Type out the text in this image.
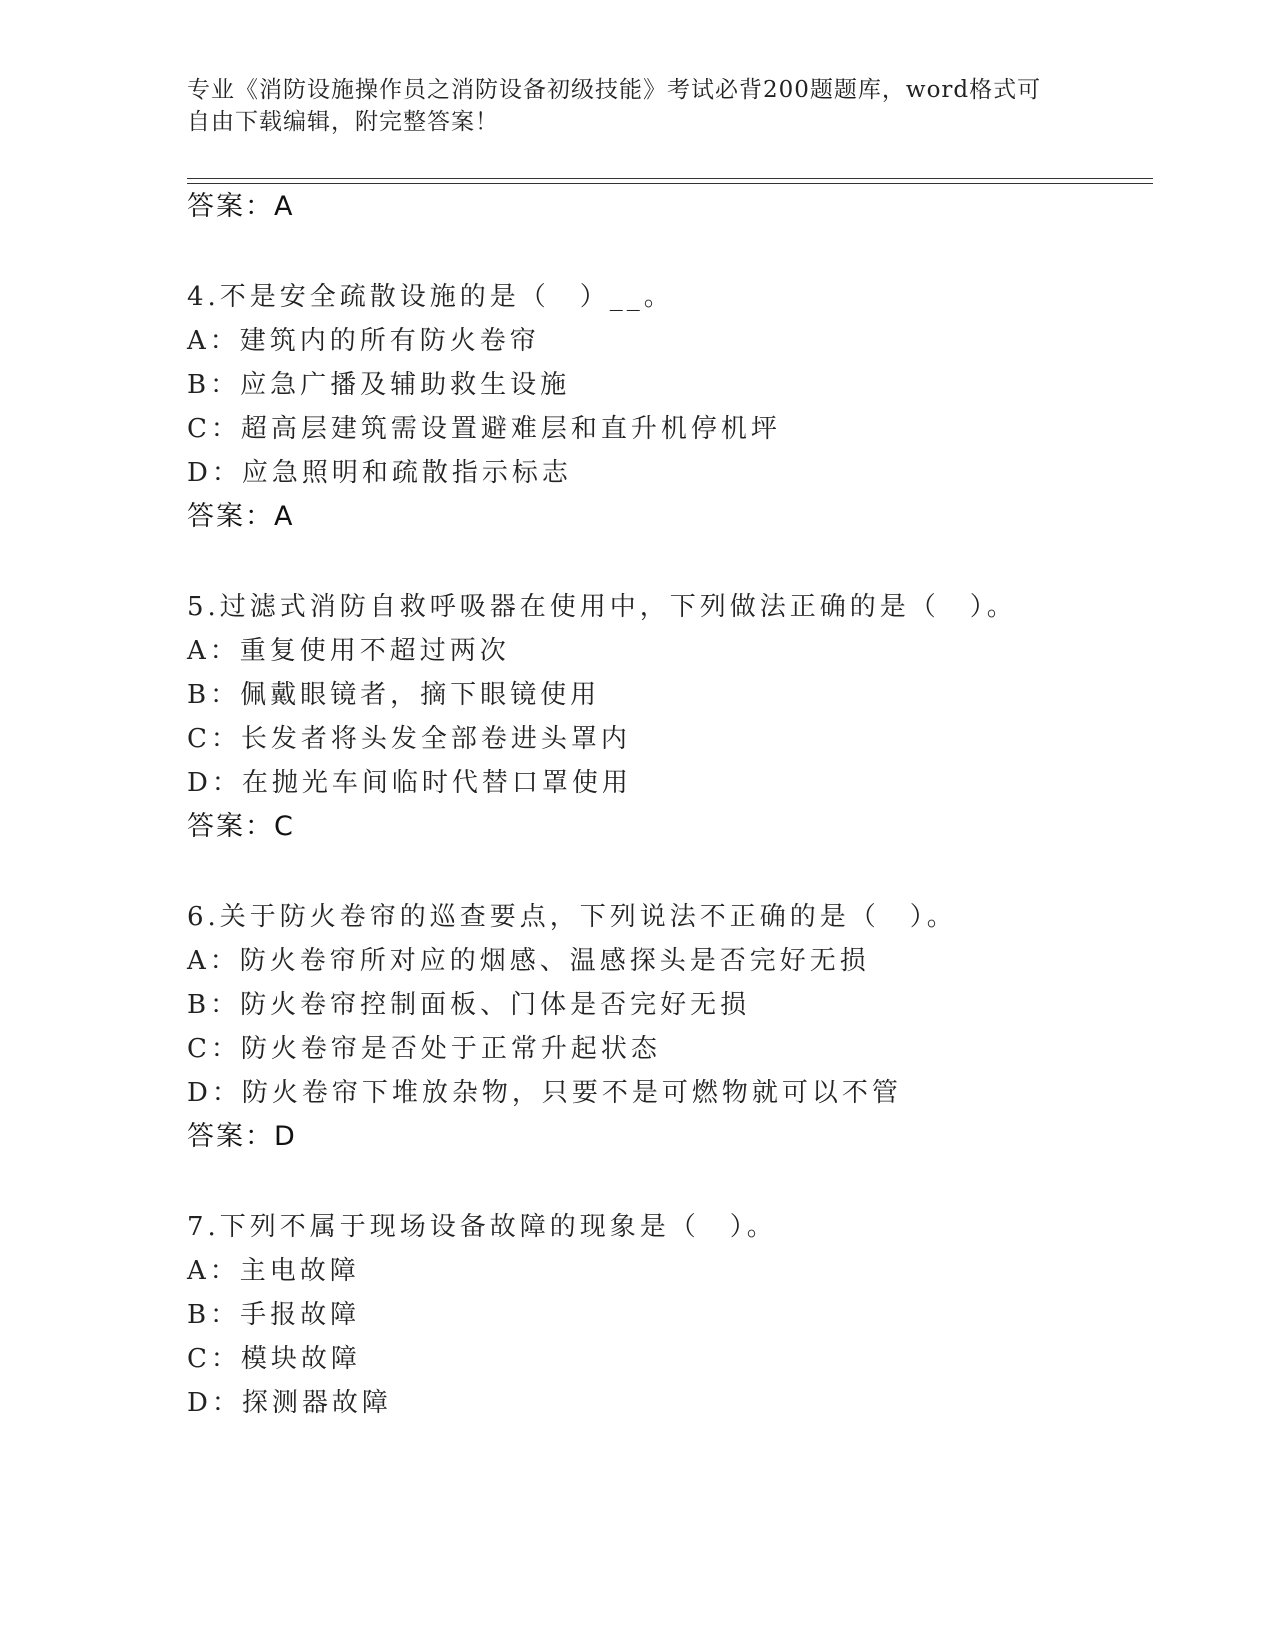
专业《消防设施操作员之消防设备初级技能》考试必背200题题库，word格式可
自由下载编辑，附完整答案！
答案：A
4.不是安全疏散设施的是（　）__。
A：建筑内的所有防火卷帘
B：应急广播及辅助救生设施
C：超高层建筑需设置避难层和直升机停机坪
D：应急照明和疏散指示标志
答案：A
5.过滤式消防自救呼吸器在使用中，下列做法正确的是（　）。
A：重复使用不超过两次
B：佩戴眼镜者，摘下眼镜使用
C：长发者将头发全部卷进头罩内
D：在抛光车间临时代替口罩使用
答案：C
6.关于防火卷帘的巡查要点，下列说法不正确的是（　）。
A：防火卷帘所对应的烟感、温感探头是否完好无损
B：防火卷帘控制面板、门体是否完好无损
C：防火卷帘是否处于正常升起状态
D：防火卷帘下堆放杂物，只要不是可燃物就可以不管
答案：D
7.下列不属于现场设备故障的现象是（　）。
A：主电故障
B：手报故障
C：模块故障
D：探测器故障
